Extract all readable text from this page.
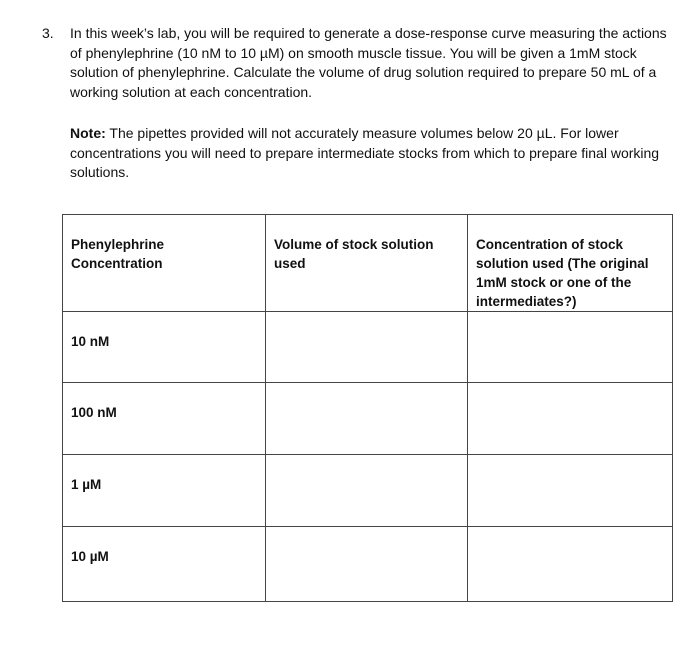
3. In this week’s lab, you will be required to generate a dose-response curve measuring the actions of phenylephrine (10 nM to 10 µM) on smooth muscle tissue. You will be given a 1mM stock solution of phenylephrine. Calculate the volume of drug solution required to prepare 50 mL of a working solution at each concentration.
Note: The pipettes provided will not accurately measure volumes below 20 µL. For lower concentrations you will need to prepare intermediate stocks from which to prepare final working solutions.
Phenylephrine Concentration	Volume of stock solution used	Concentration of stock solution used (The original 1mM stock or one of the intermediates?)

10 nM		

100 nM		

1 µM		

10 µM		
